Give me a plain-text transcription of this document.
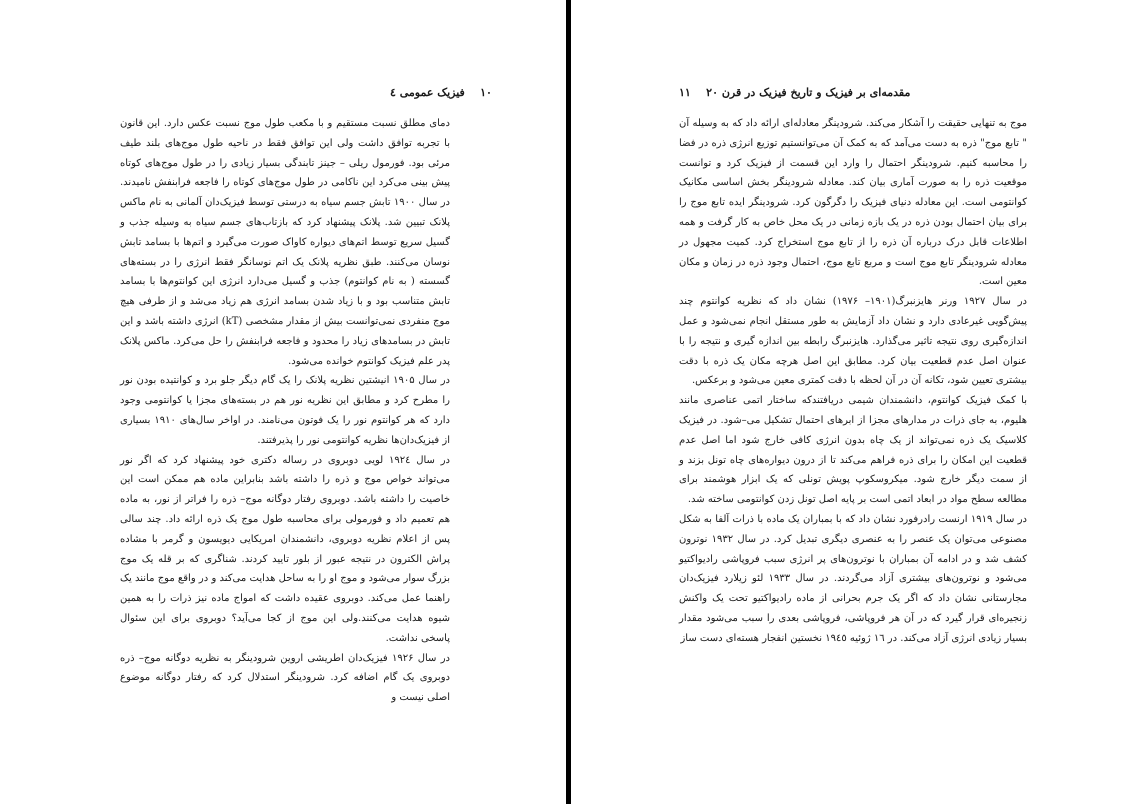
۱۰    فیزیک عمومی ٤

دمای مطلق نسبت مستقیم و با مکعب طول موج نسبت عکس دارد. این قانون با تجربه توافق داشت ولی این توافق فقط در ناحیه طول موج‌های بلند طیف مرئی بود. فورمول ریلی – جینز تابندگی بسیار زیادی را در طول موج‌های کوتاه پیش بینی می‌کرد این ناکامی در طول موج‌های کوتاه را فاجعه فرابنفش نامیدند. در سال ۱۹۰۰ تابش جسم سیاه به درستی توسط فیزیک‌دان آلمانی به نام ماکس پلانک تبیین شد. پلانک پیشنهاد کرد که بازتاب‌های جسم سیاه به وسیله جذب و گسیل سریع توسط اتم‌های دیواره کاواک صورت می‌گیرد و اتم‌ها با بسامد تابش نوسان می‌کنند. طبق نظریه پلانک یک اتم نوسانگر فقط انرژی را در بسته‌های گسسته ( به نام کوانتوم) جذب و گسیل می‌دارد انرژی این کوانتوم‌ها با بسامد تابش متناسب بود و با زیاد شدن بسامد انرژی هم زیاد می‌شد و از طرفی هیچ موج منفردی نمی‌توانست بیش از مقدار مشخصی (kT) انرژی داشته باشد و این تابش در بسامدهای زیاد را محدود و فاجعه فرابنفش را حل می‌کرد. ماکس پلانک پدر علم فیزیک کوانتوم خوانده می‌شود.

در سال ۱۹۰۵ انیشتین نظریه پلانک را یک گام دیگر جلو برد و کوانتیده بودن نور را مطرح کرد و مطابق این نظریه نور هم در بسته‌های مجزا یا کوانتومی وجود دارد که هر کوانتوم نور را یک فوتون می‌نامند. در اواخر سال‌های ۱۹۱۰ بسیاری از فیزیک‌دان‌ها نظریه کوانتومی نور را پذیرفتند.

در سال ۱۹۲٤ لویی دوبروی در رساله دکتری خود پیشنهاد کرد که اگر نور می‌تواند خواص موج و ذره را داشته باشد بنابراین ماده هم ممکن است این خاصیت را داشته باشد. دوبروی رفتار دوگانه موج– ذره را فراتر از نور، به ماده هم تعمیم داد و فورمولی برای محاسبه طول موج یک ذره ارائه داد. چند سالی پس از اعلام نظریه دوبروی، دانشمندان امریکایی دیویسون و گرمر با مشاده پراش الکترون در نتیجه عبور از بلور تایید کردند. شناگری که بر قله یک موج بزرگ سوار می‌شود و موج او را به ساحل هدایت می‌کند و در واقع موج مانند یک راهنما عمل می‌کند. دوبروی عقیده داشت که امواج ماده نیز ذرات را به همین شیوه هدایت می‌کنند.ولی این موج از کجا می‌آید؟ دوبروی برای این سئوال پاسخی نداشت.

در سال ۱۹۲۶ فیزیک‌دان اطریشی اروین شرودینگر به نظریه دوگانه موج– ذره دوبروی یک گام اضافه کرد. شرودینگر استدلال کرد که رفتار دوگانه موضوع اصلی نیست و

مقدمه‌ای بر فیزیک و تاریخ فیزیک در قرن ۲۰    ۱۱

موج به تنهایی حقیقت را آشکار می‌کند. شرودینگر معادله‌ای ارائه داد که به وسیله آن " تابع موج" ذره به دست می‌آمد که به کمک آن می‌توانستیم توزیع انرژی ذره در فضا را محاسبه کنیم. شرودینگر احتمال را وارد این قسمت از فیزیک کرد و توانست موقعیت ذره را به صورت آماری بیان کند. معادله شرودینگر بخش اساسی مکانیک کوانتومی است. این معادله دنیای فیزیک را دگرگون کرد. شرودینگر ایده تابع موج را برای بیان احتمال بودن ذره در یک بازه زمانی در یک محل خاص به کار گرفت و همه اطلاعات قابل درک درباره آن ذره را از تابع موج استخراج کرد. کمیت مجهول در معادله شرودینگر تابع موج است و مربع تابع موج، احتمال وجود ذره در زمان و مکان معین است.

در سال ۱۹۲۷ ورنر هایزنبرگ(۱۹۰۱– ۱۹۷۶) نشان داد که نظریه کوانتوم چند پیش‌گویی غیرعادی دارد و نشان داد آزمایش به طور مستقل انجام نمی‌شود و عمل اندازه‌گیری روی نتیجه تاثیر می‌گذارد. هایزنبرگ رابطه بین اندازه گیری و نتیجه را با عنوان اصل عدم قطعیت بیان کرد. مطابق این اصل هرچه مکان یک ذره با دقت بیشتری تعیین شود، تکانه آن در آن لحظه با دقت کمتری معین می‌شود و برعکس.

با کمک فیزیک کوانتوم، دانشمندان شیمی دریافتند‌که ساختار اتمی عناصری مانند هلیوم، به جای ذرات در مدارهای مجزا از ابرهای احتمال تشکیل می‌–شود. در فیزیک کلاسیک یک ذره نمی‌تواند از یک چاه بدون انرژی کافی خارج شود اما اصل عدم قطعیت این امکان را برای ذره فراهم می‌کند تا از درون دیواره‌های چاه تونل بزند و از سمت دیگر خارج شود. میکروسکوپ پویش تونلی که یک ابزار هوشمند برای مطالعه سطح مواد در ابعاد اتمی است بر پایه اصل تونل زدن کوانتومی ساخته شد.

در سال ۱۹۱۹ ارنست رادرفورد نشان داد که با بمباران یک ماده با ذرات آلفا به شکل مصنوعی می‌توان یک عنصر را به عنصری دیگری تبدیل کرد. در سال ۱۹۳۲ نوترون کشف شد و در ادامه آن بمباران با نوترون‌های پر انرژی سبب فروپاشی رادیواکتیو می‌شود و نوترون‌های بیشتری آزاد می‌گردند. در سال ۱۹۳۳ لئو زیلارد فیزیک‌دان مجارستانی نشان داد که اگر یک جرم بحرانی از ماده رادیواکتیو تحت یک واکنش زنجیره‌ای قرار گیرد که در آن هر فروپاشی، فروپاشی بعدی را سبب می‌شود مقدار بسیار زیادی انرژی آزاد می‌کند. در ١٦ ژوئیه ١٩٤٥ نخستین انفجار هسته‌ای دست ساز
